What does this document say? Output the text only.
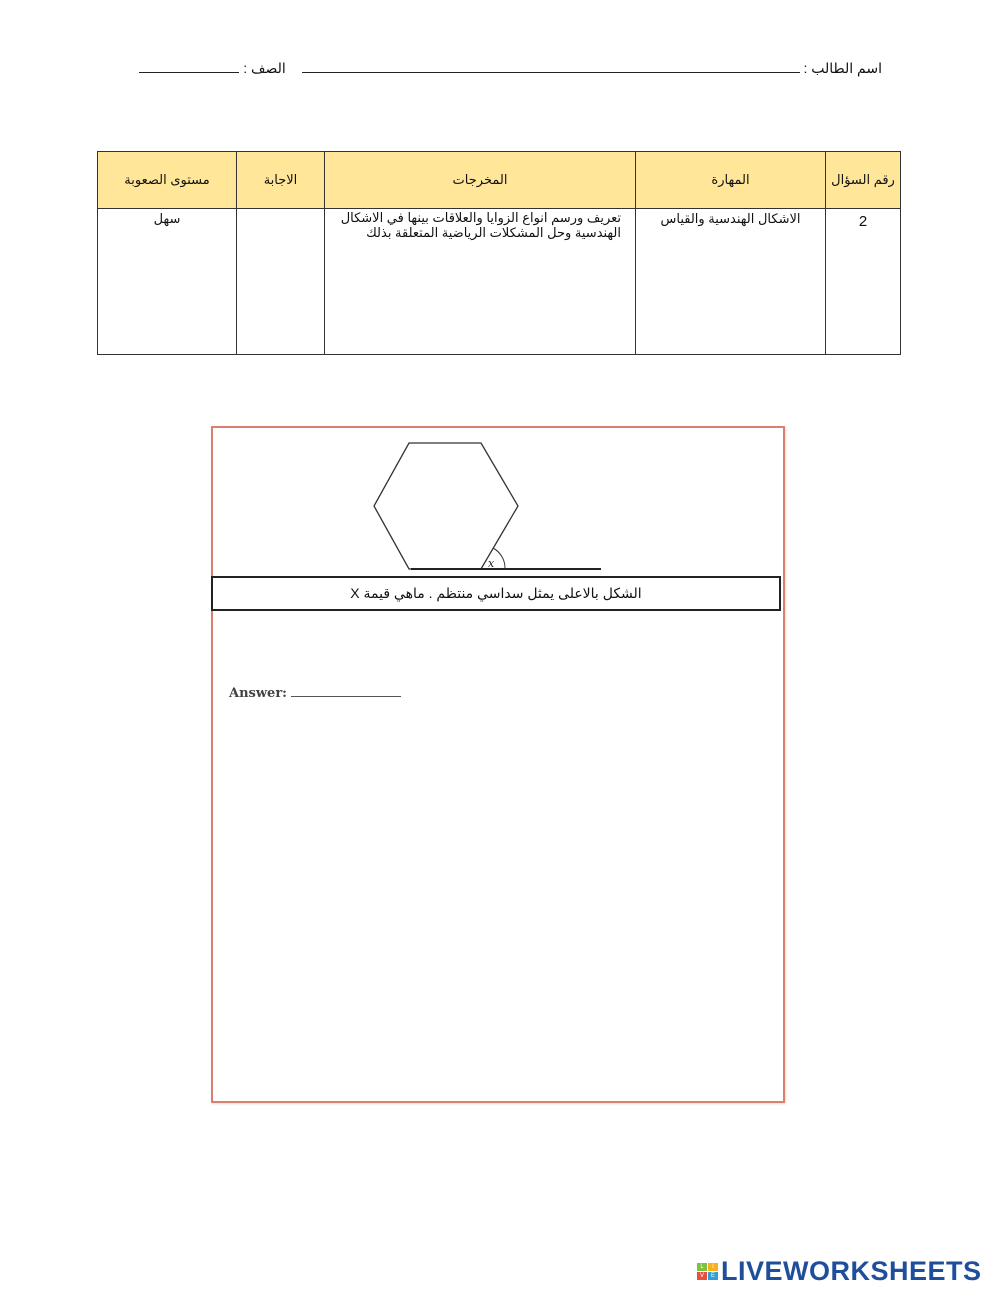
اسم الطالب :   الصف :
رقم السؤال	المهارة	المخرجات	الاجابة	مستوى الصعوبة
2	الاشكال الهندسية والقياس	تعريف ورسم انواع الزوايا والعلاقات بينها في الاشكال الهندسية وحل المشكلات الرياضية المتعلقة بذلك		سهل
x
الشكل بالاعلى يمثل سداسي منتظم . ماهي قيمة X
Answer:
L	I
V	E LIVEWORKSHEETS
